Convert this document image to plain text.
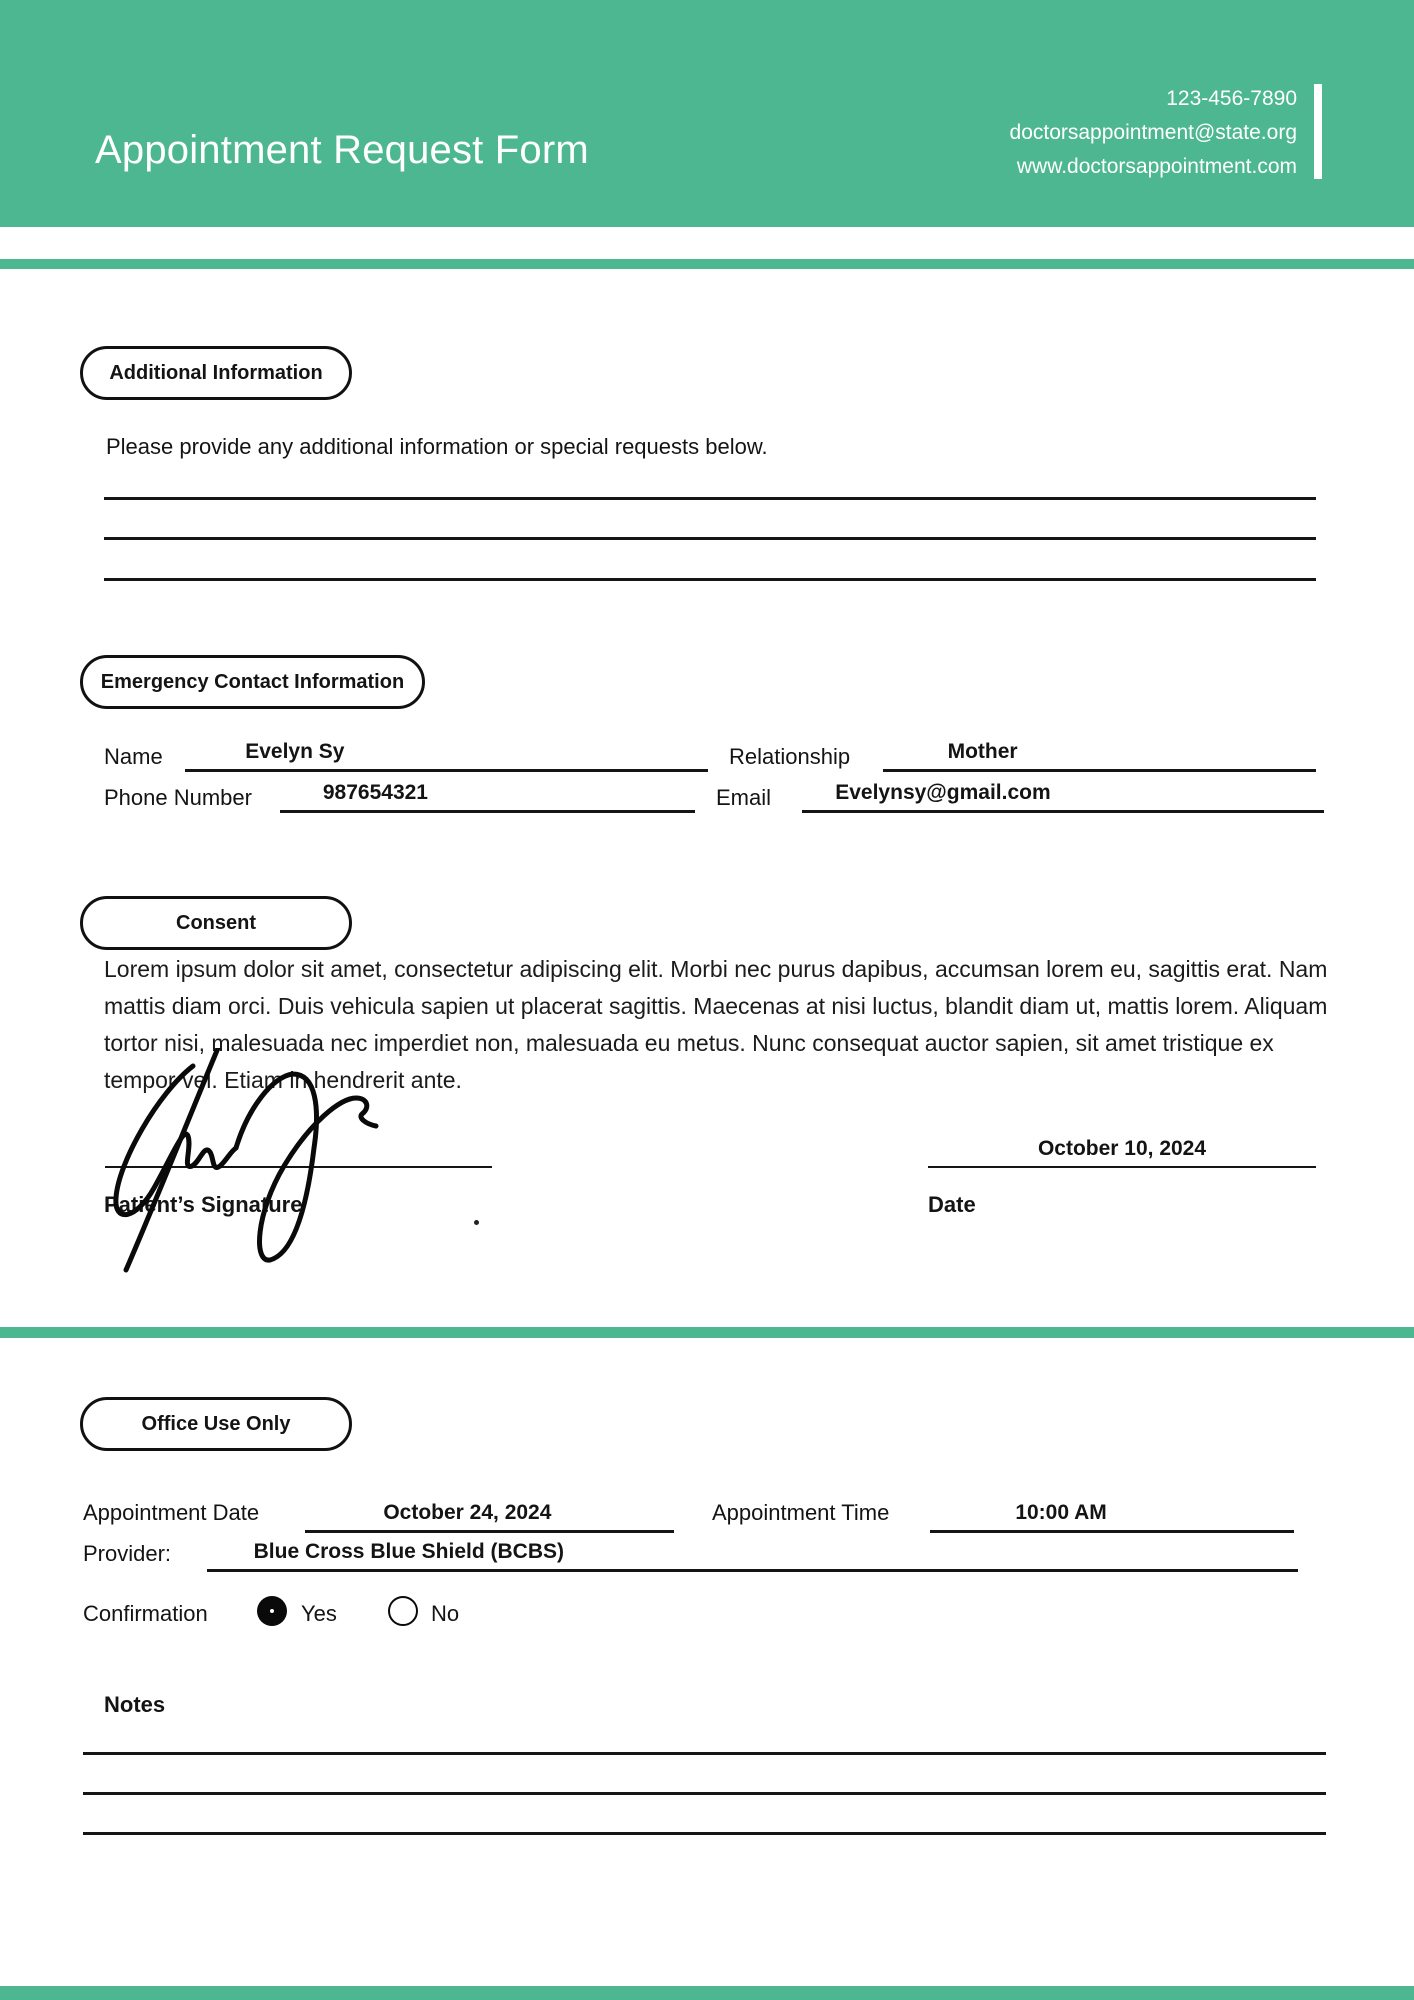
Appointment Request Form
123-456-7890
doctorsappointment@state.org
www.doctorsappointment.com
Additional Information
Please provide any additional information or special requests below.
Emergency Contact Information
Name	Evelyn Sy	Relationship	Mother
Phone Number	987654321	Email	Evelynsy@gmail.com
Consent
Lorem ipsum dolor sit amet, consectetur adipiscing elit. Morbi nec purus dapibus, accumsan lorem eu, sagittis erat. Nam mattis diam orci. Duis vehicula sapien ut placerat sagittis. Maecenas at nisi luctus, blandit diam ut, mattis lorem. Aliquam tortor nisi, malesuada nec imperdiet non, malesuada eu metus. Nunc consequat auctor sapien, sit amet tristique ex tempor vel. Etiam in hendrerit ante.
Patient’s Signature
October 10, 2024
Date
Office Use Only
Appointment Date	October 24, 2024	Appointment Time	10:00 AM
Provider:	Blue Cross Blue Shield (BCBS)
Confirmation	Yes	No
Notes
